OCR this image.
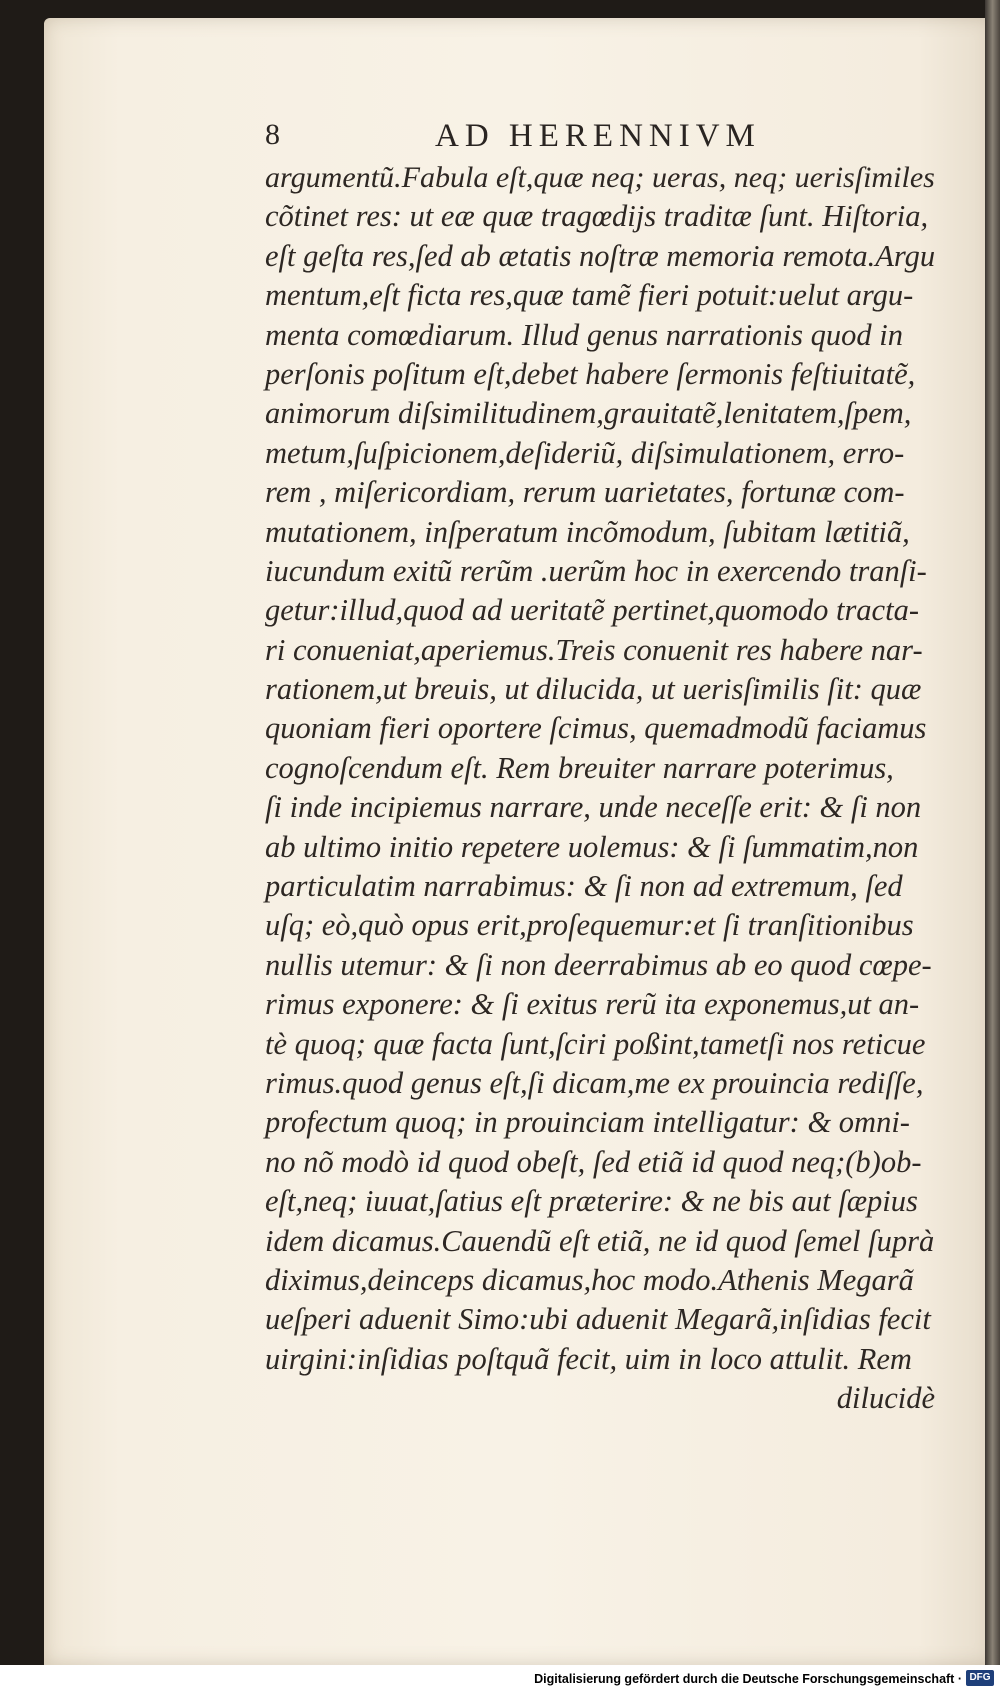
8	AD HERENNIVM
argumentũ.Fabula eſt,quæ neq; ueras, neq; uerisſimiles
cõtinet res: ut eæ quæ tragœdijs traditæ ſunt. Hiſtoria,
eſt geſta res,ſed ab ætatis noſtræ memoria remota.Argu
mentum,eſt ficta res,quæ tamẽ fieri potuit:uelut argu-
menta comœdiarum. Illud genus narrationis quod in
perſonis poſitum eſt,debet habere ſermonis feſtiuitatẽ,
animorum diſsimilitudinem,grauitatẽ,lenitatem,ſpem,
metum,ſuſpicionem,deſideriũ, diſsimulationem, erro-
rem , miſericordiam, rerum uarietates, fortunæ com-
mutationem, inſperatum incõmodum, ſubitam lætitiã,
iucundum exitũ rerũm .uerũm hoc in exercendo tranſi-
getur:illud,quod ad ueritatẽ pertinet,quomodo tracta-
ri conueniat,aperiemus.Treis conuenit res habere nar-
rationem,ut breuis, ut dilucida, ut uerisſimilis ſit: quæ
quoniam fieri oportere ſcimus, quemadmodũ faciamus
cognoſcendum eſt. Rem breuiter narrare poterimus,
ſi inde incipiemus narrare, unde neceſſe erit: & ſi non
ab ultimo initio repetere uolemus: & ſi ſummatim,non
particulatim narrabimus: & ſi non ad extremum, ſed
uſq; eò,quò opus erit,proſequemur:et ſi tranſitionibus
nullis utemur: & ſi non deerrabimus ab eo quod cœpe-
rimus exponere: & ſi exitus rerũ ita exponemus,ut an-
tè quoq; quæ facta ſunt,ſciri poßint,tametſi nos reticue
rimus.quod genus eſt,ſi dicam,me ex prouincia rediſſe,
profectum quoq; in prouinciam intelligatur: & omni-
no nõ modò id quod obeſt, ſed etiã id quod neq;(b)ob-
eſt,neq; iuuat,ſatius eſt præterire: & ne bis aut ſæpius
idem dicamus.Cauendũ eſt etiã, ne id quod ſemel ſuprà
diximus,deinceps dicamus,hoc modo.Athenis Megarã
ueſperi aduenit Simo:ubi aduenit Megarã,inſidias fecit
uirgini:inſidias poſtquã fecit, uim in loco attulit. Rem
dilucidè
Digitalisierung gefördert durch die Deutsche Forschungsgemeinschaft · DFG
